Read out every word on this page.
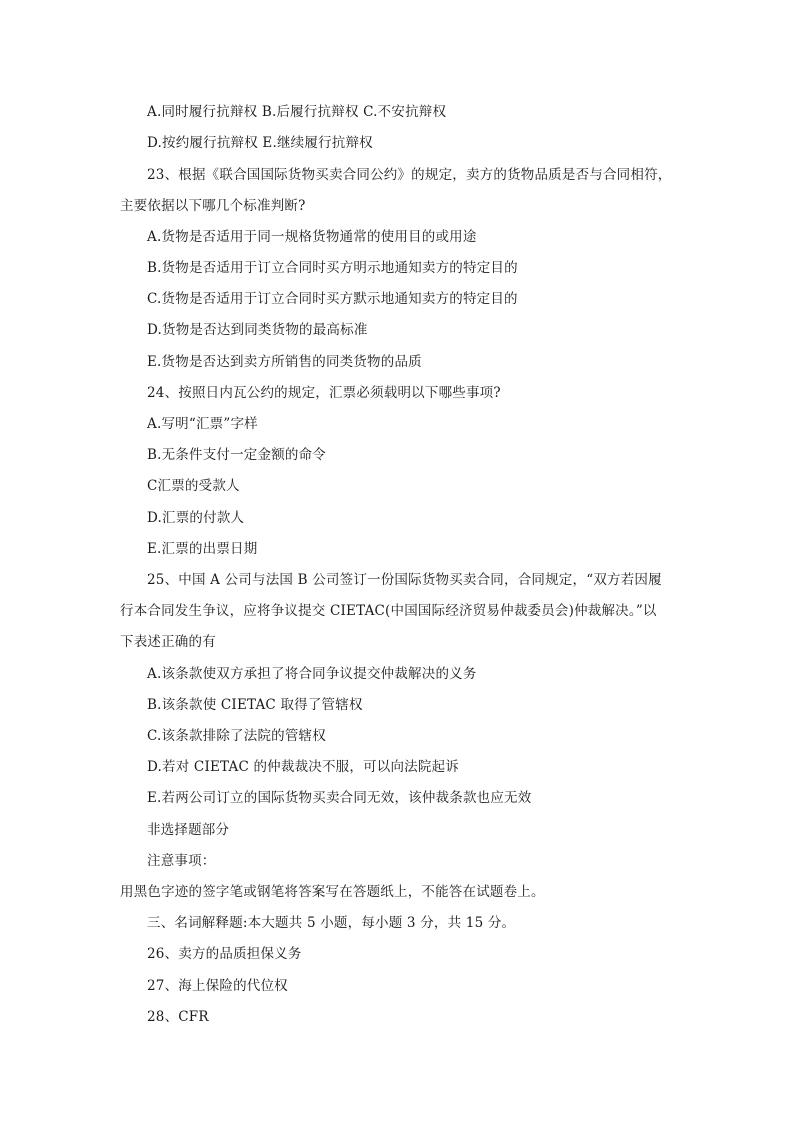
A.同时履行抗辩权 B.后履行抗辩权 C.不安抗辩权
D.按约履行抗辩权 E.继续履行抗辩权
23、根据《联合国国际货物买卖合同公约》的规定，卖方的货物品质是否与合同相符，
主要依据以下哪几个标准判断?
A.货物是否适用于同一规格货物通常的使用目的或用途
B.货物是否适用于订立合同时买方明示地通知卖方的特定目的
C.货物是否适用于订立合同时买方默示地通知卖方的特定目的
D.货物是否达到同类货物的最高标准
E.货物是否达到卖方所销售的同类货物的品质
24、按照日内瓦公约的规定，汇票必须载明以下哪些事项?
A.写明“汇票”字样
B.无条件支付一定金额的命令
C汇票的受款人
D.汇票的付款人
E.汇票的出票日期
25、中国 A 公司与法国 B 公司签订一份国际货物买卖合同，合同规定，“双方若因履
行本合同发生争议，应将争议提交 CIETAC(中国国际经济贸易仲裁委员会)仲裁解决。”以
下表述正确的有
A.该条款使双方承担了将合同争议提交仲裁解决的义务
B.该条款使 CIETAC 取得了管辖权
C.该条款排除了法院的管辖权
D.若对 CIETAC 的仲裁裁决不服，可以向法院起诉
E.若两公司订立的国际货物买卖合同无效，该仲裁条款也应无效
非选择题部分
注意事项：
用黑色字迹的签字笔或钢笔将答案写在答题纸上，不能答在试题卷上。
三、名词解释题:本大题共 5 小题，每小题 3 分，共 15 分。
26、卖方的品质担保义务
27、海上保险的代位权
28、CFR
